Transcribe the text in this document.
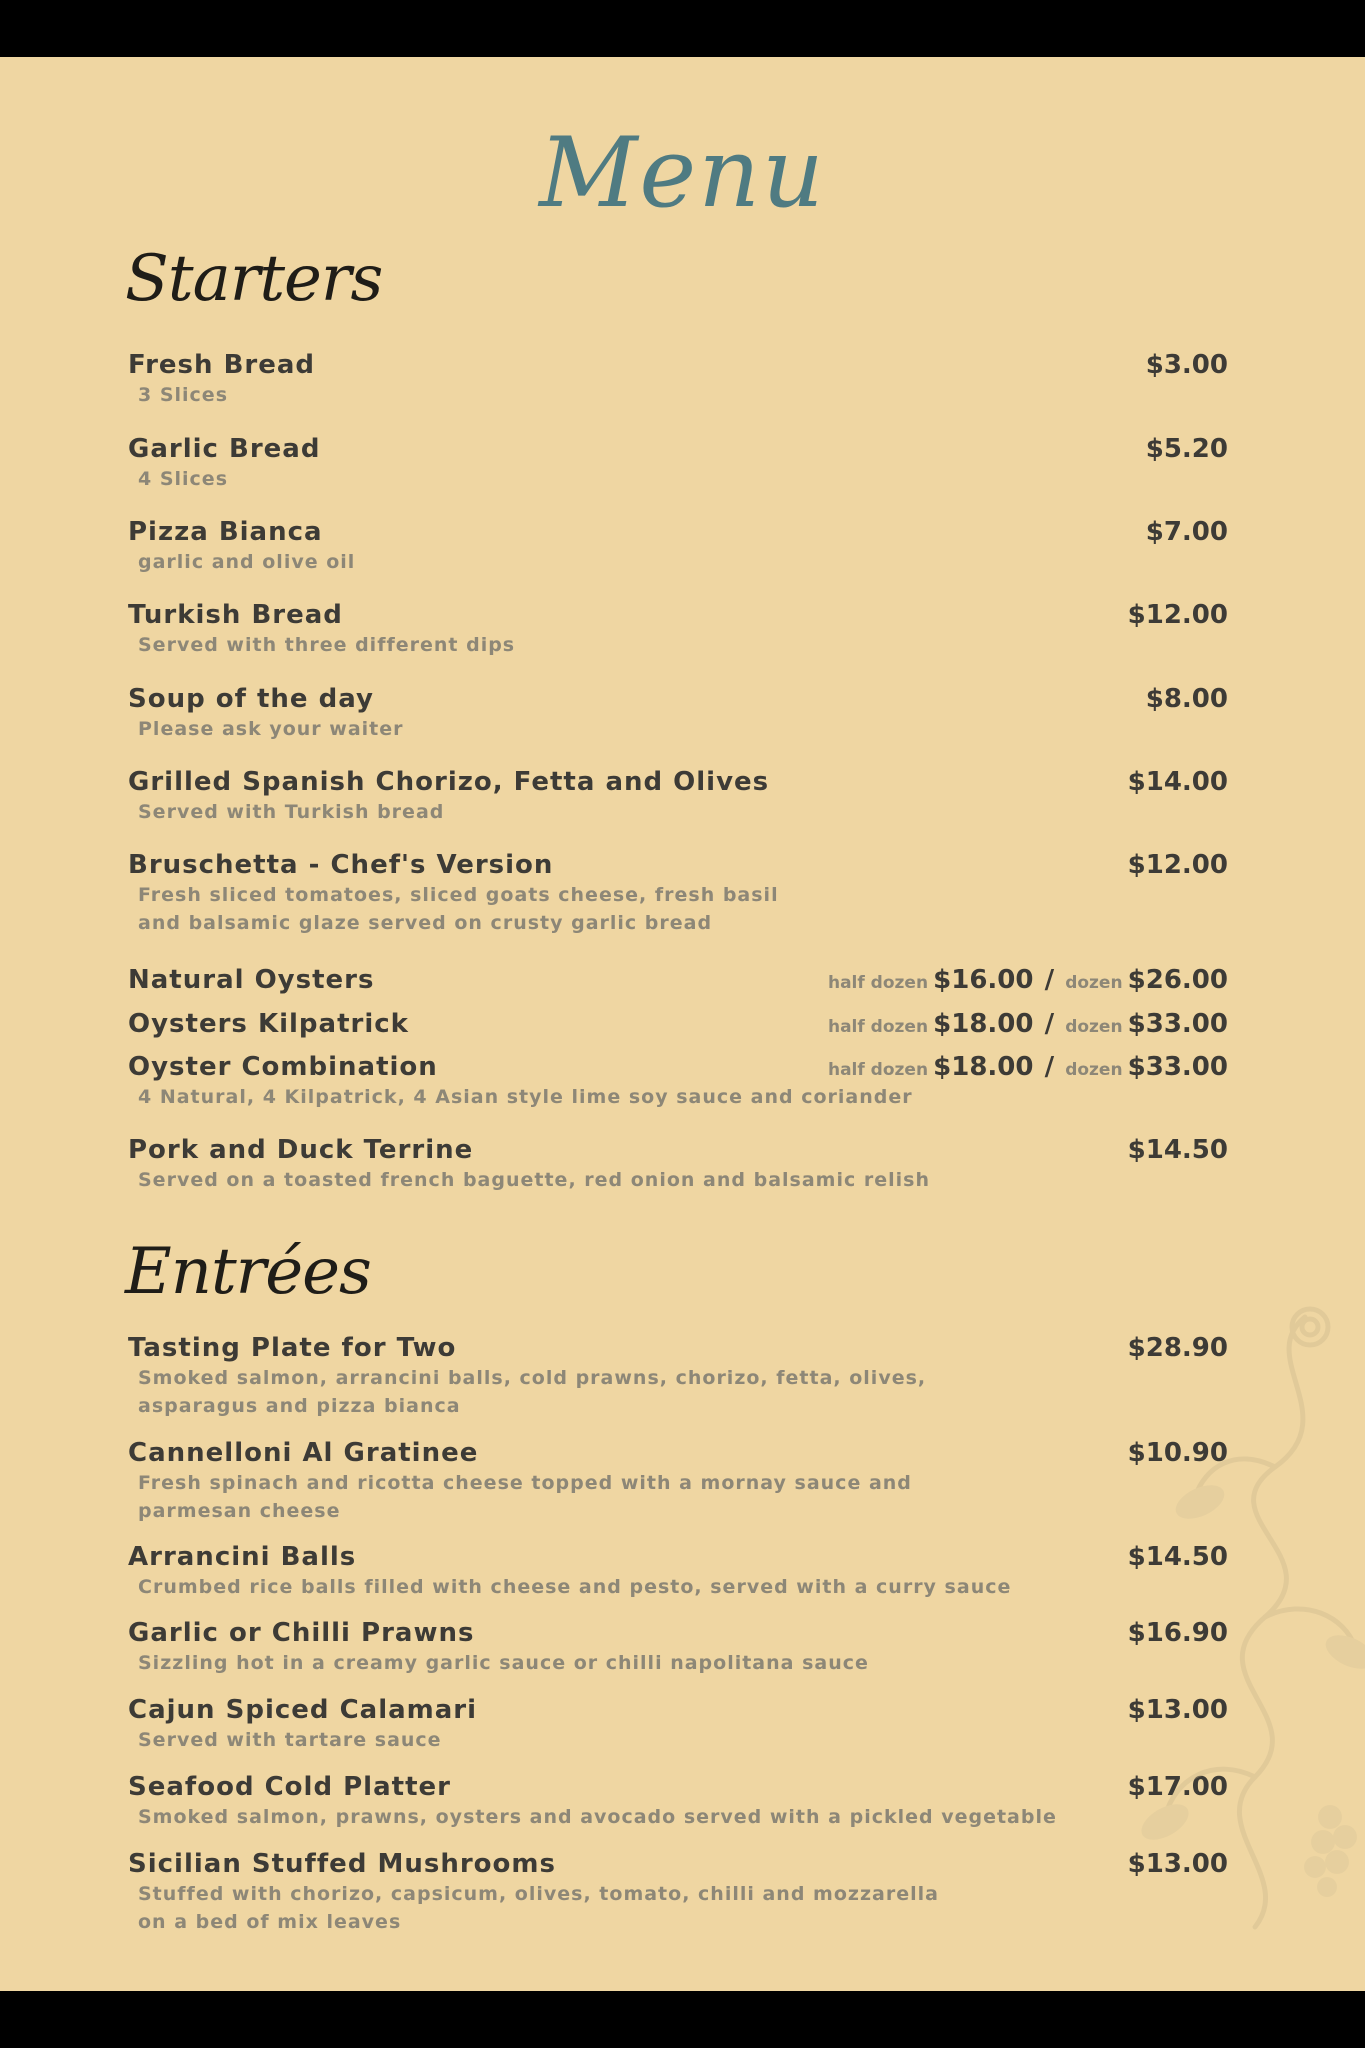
Menu
Starters
Fresh Bread
3 Slices
$3.00
Garlic Bread
4 Slices
$5.20
Pizza Bianca
garlic and olive oil
$7.00
Turkish Bread
Served with three different dips
$12.00
Soup of the day
Please ask your waiter
$8.00
Grilled Spanish Chorizo, Fetta and Olives
Served with Turkish bread
$14.00
Bruschetta - Chef's Version
Fresh sliced tomatoes, sliced goats cheese, fresh basil
and balsamic glaze served on crusty garlic bread
$12.00
Natural Oysters	half dozen $16.00 / dozen $26.00
Oysters Kilpatrick	half dozen $18.00 / dozen $33.00
Oyster Combination	half dozen $18.00 / dozen $33.00
4 Natural, 4 Kilpatrick, 4 Asian style lime soy sauce and coriander
Pork and Duck Terrine
Served on a toasted french baguette, red onion and balsamic relish
$14.50
Entrées
Tasting Plate for Two
Smoked salmon, arrancini balls, cold prawns, chorizo, fetta, olives,
asparagus and pizza bianca
$28.90
Cannelloni Al Gratinee
Fresh spinach and ricotta cheese topped with a mornay sauce and
parmesan cheese
$10.90
Arrancini Balls
Crumbed rice balls filled with cheese and pesto, served with a curry sauce
$14.50
Garlic or Chilli Prawns
Sizzling hot in a creamy garlic sauce or chilli napolitana sauce
$16.90
Cajun Spiced Calamari
Served with tartare sauce
$13.00
Seafood Cold Platter
Smoked salmon, prawns, oysters and avocado served with a pickled vegetable
$17.00
Sicilian Stuffed Mushrooms
Stuffed with chorizo, capsicum, olives, tomato, chilli and mozzarella
on a bed of mix leaves
$13.00
